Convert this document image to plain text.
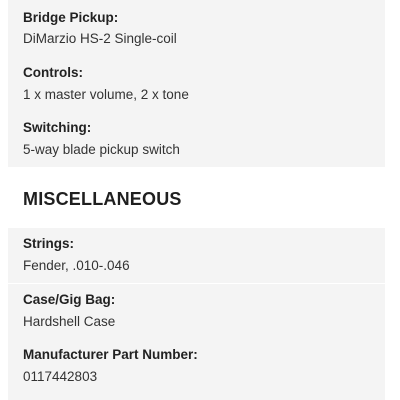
Bridge Pickup:
DiMarzio HS-2 Single-coil
Controls:
1 x master volume, 2 x tone
Switching:
5-way blade pickup switch
MISCELLANEOUS
Strings:
Fender, .010-.046
Case/Gig Bag:
Hardshell Case
Manufacturer Part Number:
0117442803
